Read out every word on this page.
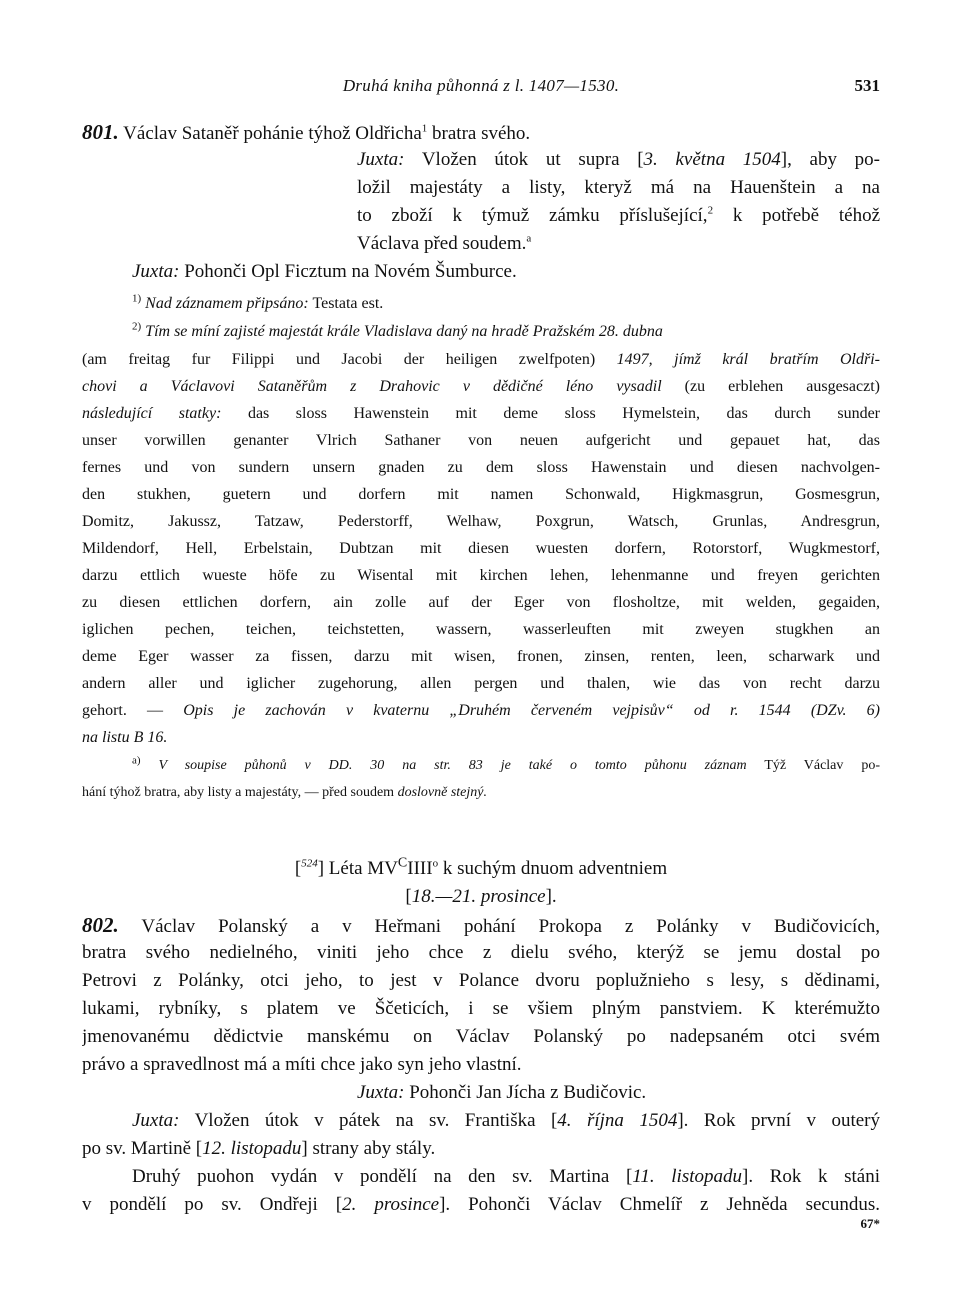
Druhá kniha půhonná z l. 1407—1530.	531
801. Václav Sataněř pohánie týhož Oldřicha$^1$ bratra svého.
Juxta: Vložen útok ut supra [3. května 1504], aby po-
ložil majestáty a listy, kteryž má na Hauenštein a na
to zboží k týmuž zámku příslušející,$^2$ k potřebě téhož
Václava před soudem.$^a$
Juxta: Pohonči Opl Ficztum na Novém Šumburce.
$^{1)}$ Nad záznamem připsáno: Testata est.
$^{2)}$ Tím se míní zajisté majestát krále Vladislava daný na hradě Pražském 28. dubna
(am freitag fur Filippi und Jacobi der heiligen zwelfpoten) 1497, jímž král bratřím Oldři-
chovi a Václavovi Sataněřům z Drahovic v dědičné léno vysadil (zu erblehen ausgesaczt)
následující statky: das sloss Hawenstein mit deme sloss Hymelstein, das durch sunder
unser vorwillen genanter Vlrich Sathaner von neuen aufgericht und gepauet hat, das
fernes und von sundern unsern gnaden zu dem sloss Hawenstain und diesen nachvolgen-
den stukhen, guetern und dorfern mit namen Schonwald, Higkmasgrun, Gosmesgrun,
Domitz, Jakussz, Tatzaw, Pederstorff, Welhaw, Poxgrun, Watsch, Grunlas, Andresgrun,
Mildendorf, Hell, Erbelstain, Dubtzan mit diesen wuesten dorfern, Rotorstorf, Wugkmestorf,
darzu ettlich wueste höfe zu Wisental mit kirchen lehen, lehenmanne und freyen gerichten
zu diesen ettlichen dorfern, ain zolle auf der Eger von flosholtze, mit welden, gegaiden,
iglichen pechen, teichen, teichstetten, wassern, wasserleuften mit zweyen stugkhen an
deme Eger wasser za fissen, darzu mit wisen, fronen, zinsen, renten, leen, scharwark und
andern aller und iglicher zugehorung, allen pergen und thalen, wie das von recht darzu
gehort. — Opis je zachován v kvaternu „Druhém červeném vejpisův“ od r. 1544 (DZv. 6)
na listu B 16.
$^{a)}$ V soupise půhonů v DD. 30 na str. 83 je také o tomto půhonu záznam Týž Václav po-
hání týhož bratra, aby listy a majestáty, — před soudem doslovně stejný.
[$^{524}$] Léta $MV^CIIII^o$ k suchým dnuom adventniem
[18.—21. prosince].
802. Václav Polanský a v Heřmani pohání Prokopa z Polánky v Budičovicích,
bratra svého nedielného, viniti jeho chce z dielu svého, kterýž se jemu dostal po
Petrovi z Polánky, otci jeho, to jest v Polance dvoru poplužnieho s lesy, s dědinami,
lukami, rybníky, s platem ve Ščeticích, i se všiem plným panstviem. K kterémužto
jmenovanému dědictvie manskému on Václav Polanský po nadepsaném otci svém
právo a spravedlnost má a míti chce jako syn jeho vlastní.
Juxta: Pohonči Jan Jícha z Budičovic.
Juxta: Vložen útok v pátek na sv. Františka [4. října 1504]. Rok první v outerý
po sv. Martině [12. listopadu] strany aby stály.
Druhý puohon vydán v pondělí na den sv. Martina [11. listopadu]. Rok k stáni
v pondělí po sv. Ondřeji [2. prosince]. Pohonči Václav Chmelíř z Jehněda secundus.
67*
